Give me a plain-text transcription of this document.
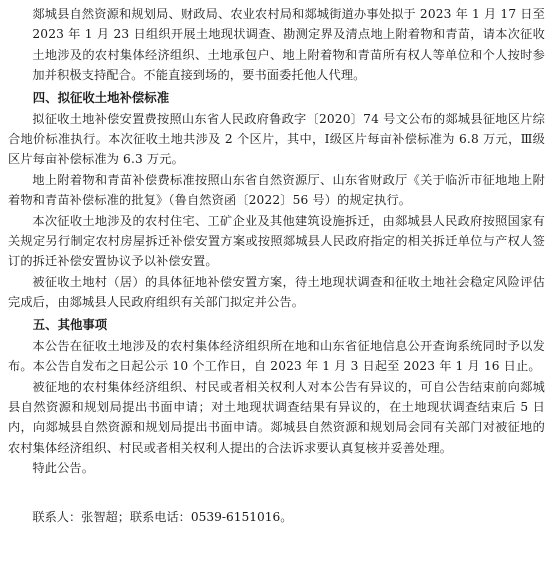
郯城县自然资源和规划局、财政局、农业农村局和郯城街道办事处拟于 2023 年 1 月 17 日至 2023 年 1 月 23 日组织开展土地现状调查、勘测定界及清点地上附着物和青苗，请本次征收土地涉及的农村集体经济组织、土地承包户、地上附着物和青苗所有权人等单位和个人按时参加并积极支持配合。不能直接到场的，要书面委托他人代理。

四、拟征收土地补偿标准

拟征收土地补偿安置费按照山东省人民政府鲁政字〔2020〕74 号文公布的郯城县征地区片综合地价标准执行。本次征收土地共涉及 2 个区片，其中，Ⅰ级区片每亩补偿标准为 6.8 万元，Ⅲ级区片每亩补偿标准为 6.3 万元。

地上附着物和青苗补偿费标准按照山东省自然资源厅、山东省财政厅《关于临沂市征地地上附着物和青苗补偿标准的批复》（鲁自然资函〔2022〕56 号）的规定执行。

本次征收土地涉及的农村住宅、工矿企业及其他建筑设施拆迁，由郯城县人民政府按照国家有关规定另行制定农村房屋拆迁补偿安置方案或按照郯城县人民政府指定的相关拆迁单位与产权人签订的拆迁补偿安置协议予以补偿安置。

被征收土地村（居）的具体征地补偿安置方案，待土地现状调查和征收土地社会稳定风险评估完成后，由郯城县人民政府组织有关部门拟定并公告。

五、其他事项

本公告在征收土地涉及的农村集体经济组织所在地和山东省征地信息公开查询系统同时予以发布。本公告自发布之日起公示 10 个工作日，自 2023 年 1 月 3 日起至 2023 年 1 月 16 日止。

被征地的农村集体经济组织、村民或者相关权利人对本公告有异议的，可自公告结束前向郯城县自然资源和规划局提出书面申请；对土地现状调查结果有异议的，在土地现状调查结束后 5 日内，向郯城县自然资源和规划局提出书面申请。郯城县自然资源和规划局会同有关部门对被征地的农村集体经济组织、村民或者相关权利人提出的合法诉求要认真复核并妥善处理。

特此公告。

联系人：张智超；联系电话：0539-6151016。
